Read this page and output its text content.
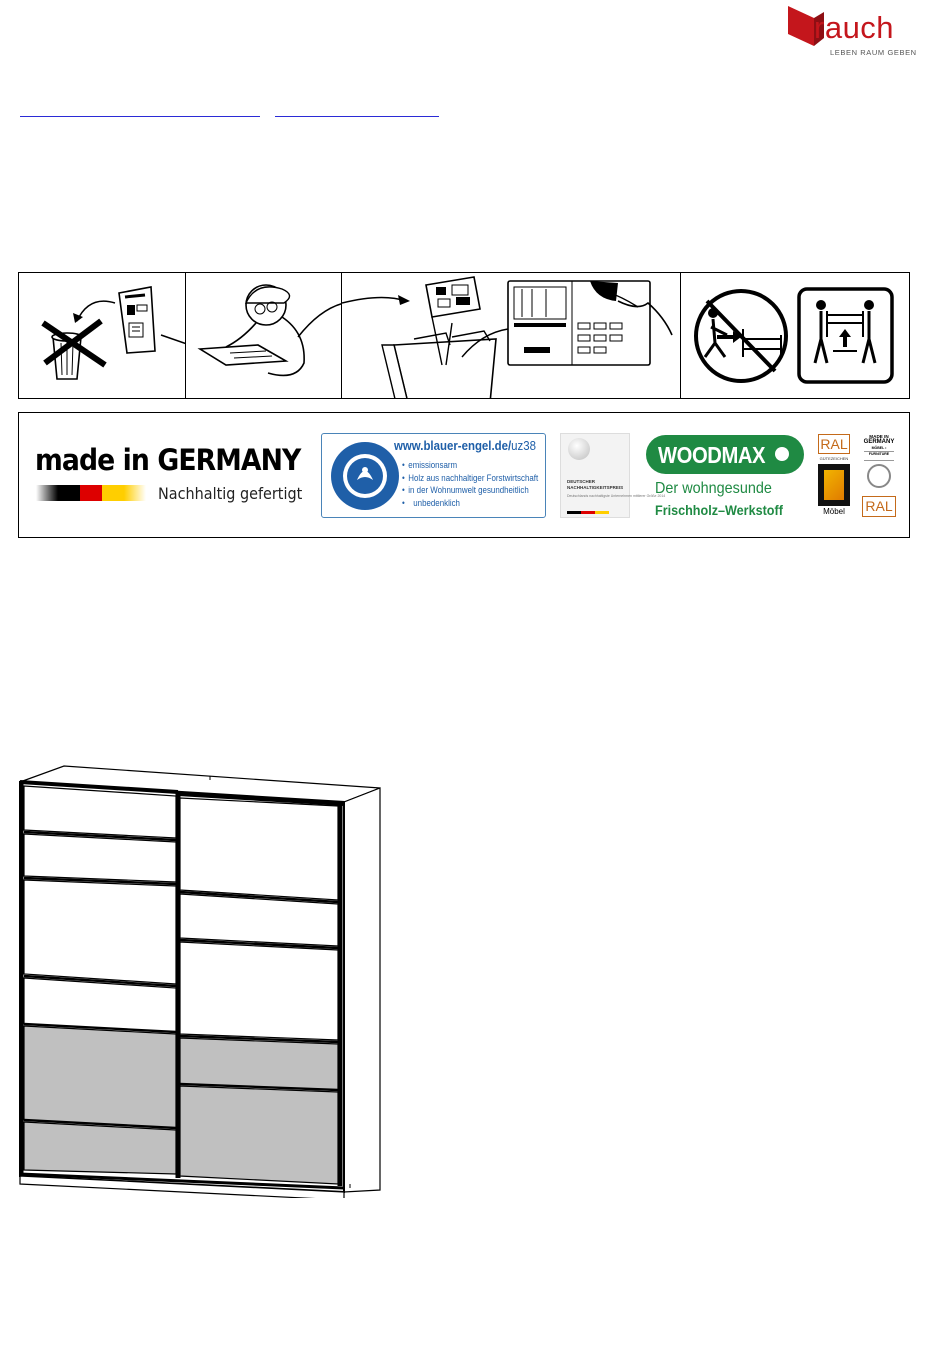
rauch
LEBEN RAUM GEBEN
made in GERMANY
Nachhaltig gefertigt
www.blauer-engel.de/uz38
• emissionsarm
• Holz aus nachhaltiger Forstwirtschaft
• in der Wohnumwelt gesundheitlich
• unbedenklich
DEUTSCHER
NACHHALTIGKEITSPREIS
Deutschlands nachhaltigste Unternehmen mittlerer Größe 2014
WOODMAX
Der wohngesunde
Frischholz–Werkstoff
RAL
GÜTEZEICHEN
Möbel
MADE IN
GERMANY
MÖBEL • FURNITURE
RAL
